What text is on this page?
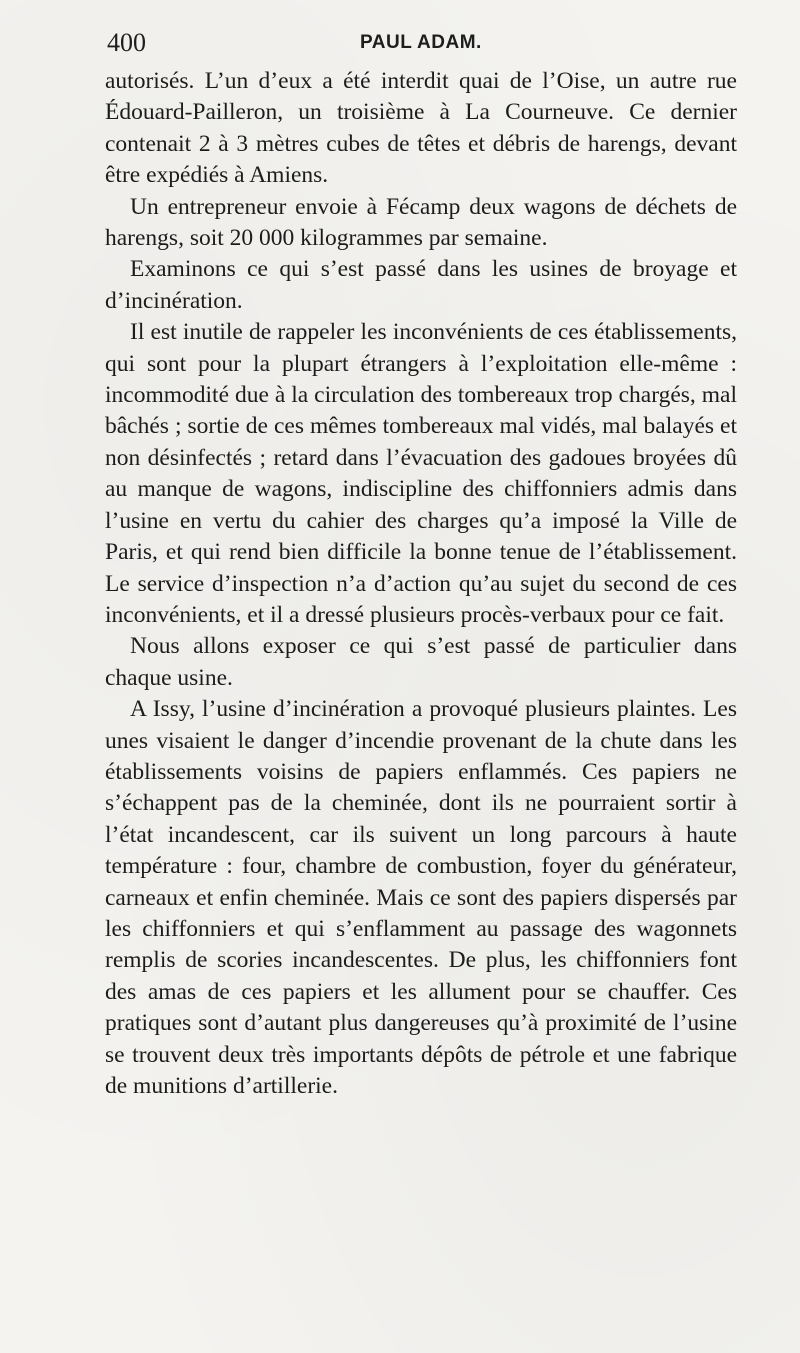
400	PAUL ADAM.

autorisés. L’un d’eux a été interdit quai de l’Oise, un autre rue Édouard-Pailleron, un troisième à La Courneuve. Ce dernier contenait 2 à 3 mètres cubes de têtes et débris de harengs, devant être expédiés à Amiens.

Un entrepreneur envoie à Fécamp deux wagons de déchets de harengs, soit 20 000 kilogrammes par semaine.

Examinons ce qui s’est passé dans les usines de broyage et d’incinération.

Il est inutile de rappeler les inconvénients de ces établissements, qui sont pour la plupart étrangers à l’exploitation elle-même : incommodité due à la circulation des tombereaux trop chargés, mal bâchés ; sortie de ces mêmes tombereaux mal vidés, mal balayés et non désinfectés ; retard dans l’évacuation des gadoues broyées dû au manque de wagons, indiscipline des chiffonniers admis dans l’usine en vertu du cahier des charges qu’a imposé la Ville de Paris, et qui rend bien difficile la bonne tenue de l’établissement. Le service d’inspection n’a d’action qu’au sujet du second de ces inconvénients, et il a dressé plusieurs procès-verbaux pour ce fait.

Nous allons exposer ce qui s’est passé de particulier dans chaque usine.

A Issy, l’usine d’incinération a provoqué plusieurs plaintes. Les unes visaient le danger d’incendie provenant de la chute dans les établissements voisins de papiers enflammés. Ces papiers ne s’échappent pas de la cheminée, dont ils ne pourraient sortir à l’état incandescent, car ils suivent un long parcours à haute température : four, chambre de combustion, foyer du générateur, carneaux et enfin cheminée. Mais ce sont des papiers dispersés par les chiffonniers et qui s’enflamment au passage des wagonnets remplis de scories incandescentes. De plus, les chiffonniers font des amas de ces papiers et les allument pour se chauffer. Ces pratiques sont d’autant plus dangereuses qu’à proximité de l’usine se trouvent deux très importants dépôts de pétrole et une fabrique de munitions d’artillerie.
